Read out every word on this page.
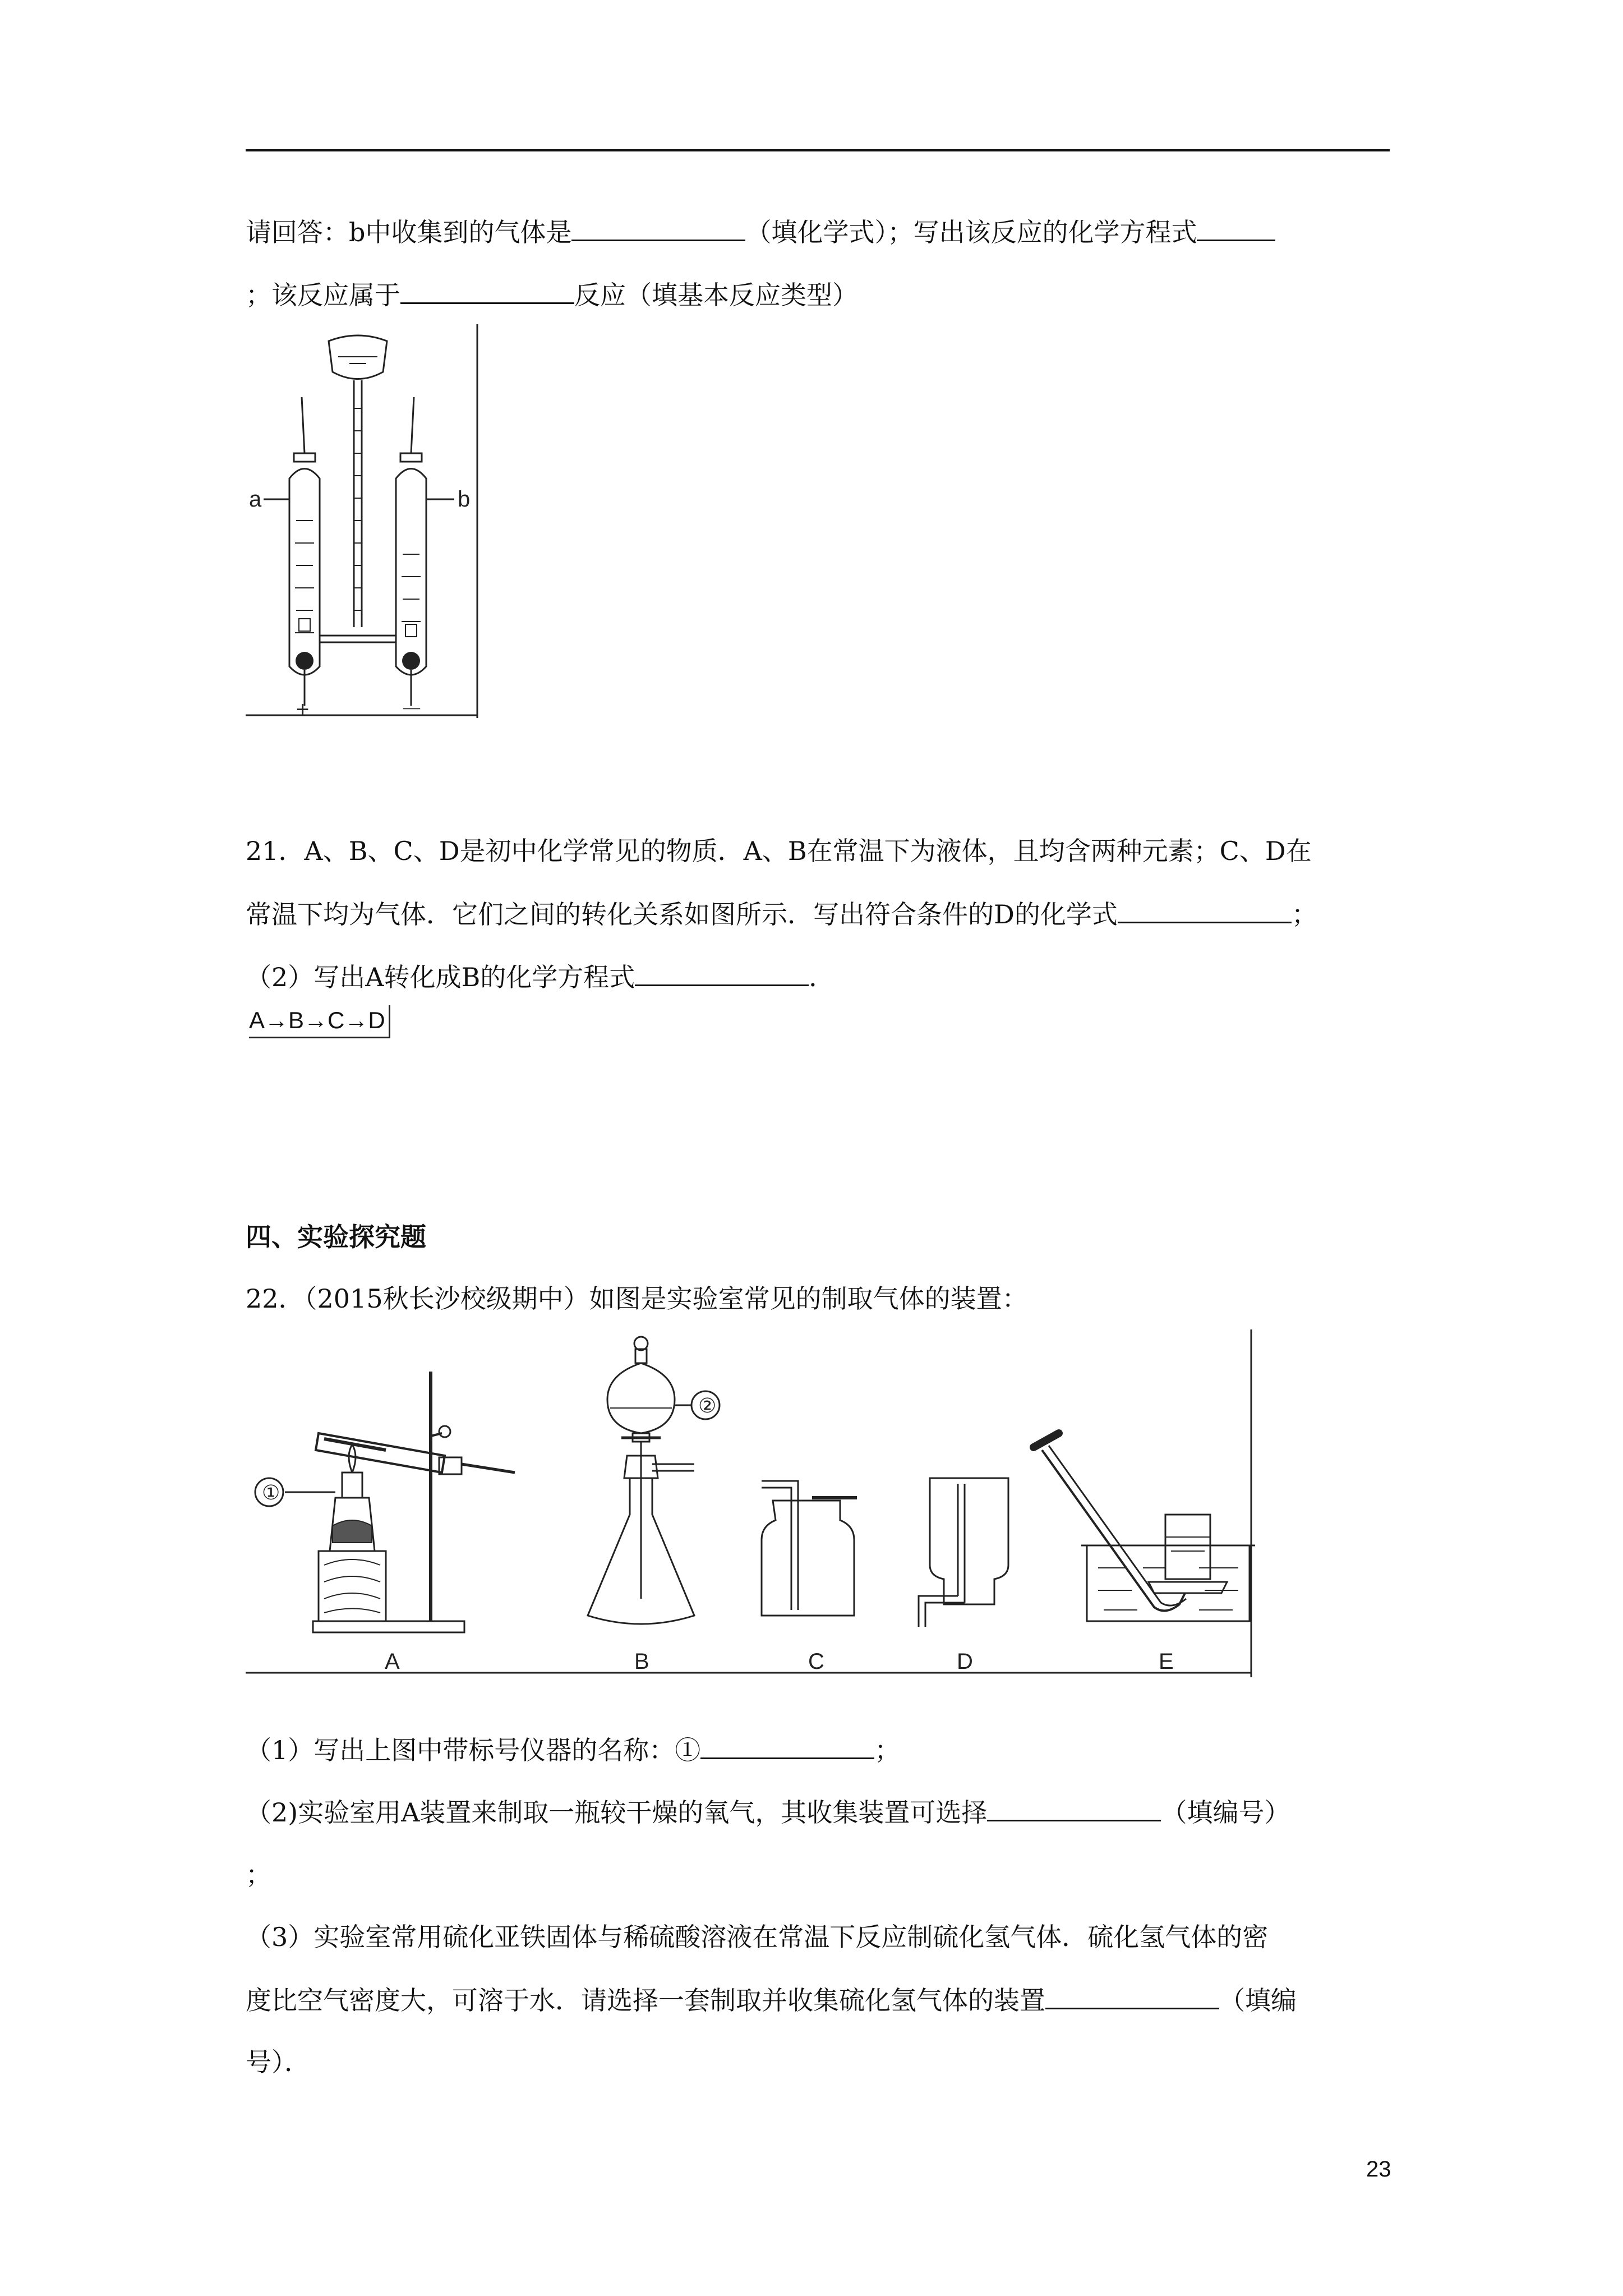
请回答：b中收集到的气体是	（填化学式）；写出该反应的化学方程式
；该反应属于	反应（填基本反应类型）
a	b
+	－
21．A、B、C、D是初中化学常见的物质．A、B在常温下为液体，且均含两种元素；C、D在
常温下均为气体．它们之间的转化关系如图所示．写出符合条件的D的化学式	；
（2）写出A转化成B的化学方程式	．
A→B→C→D
四、实验探究题
22．（2015秋长沙校级期中）如图是实验室常见的制取气体的装置：
①
②
A	B	C	D	E
（1）写出上图中带标号仪器的名称：①	；
（2)实验室用A装置来制取一瓶较干燥的氧气，其收集装置可选择	（填编号）
；
（3）实验室常用硫化亚铁固体与稀硫酸溶液在常温下反应制硫化氢气体．硫化氢气体的密
度比空气密度大，可溶于水．请选择一套制取并收集硫化氢气体的装置	（填编
号）．
23
